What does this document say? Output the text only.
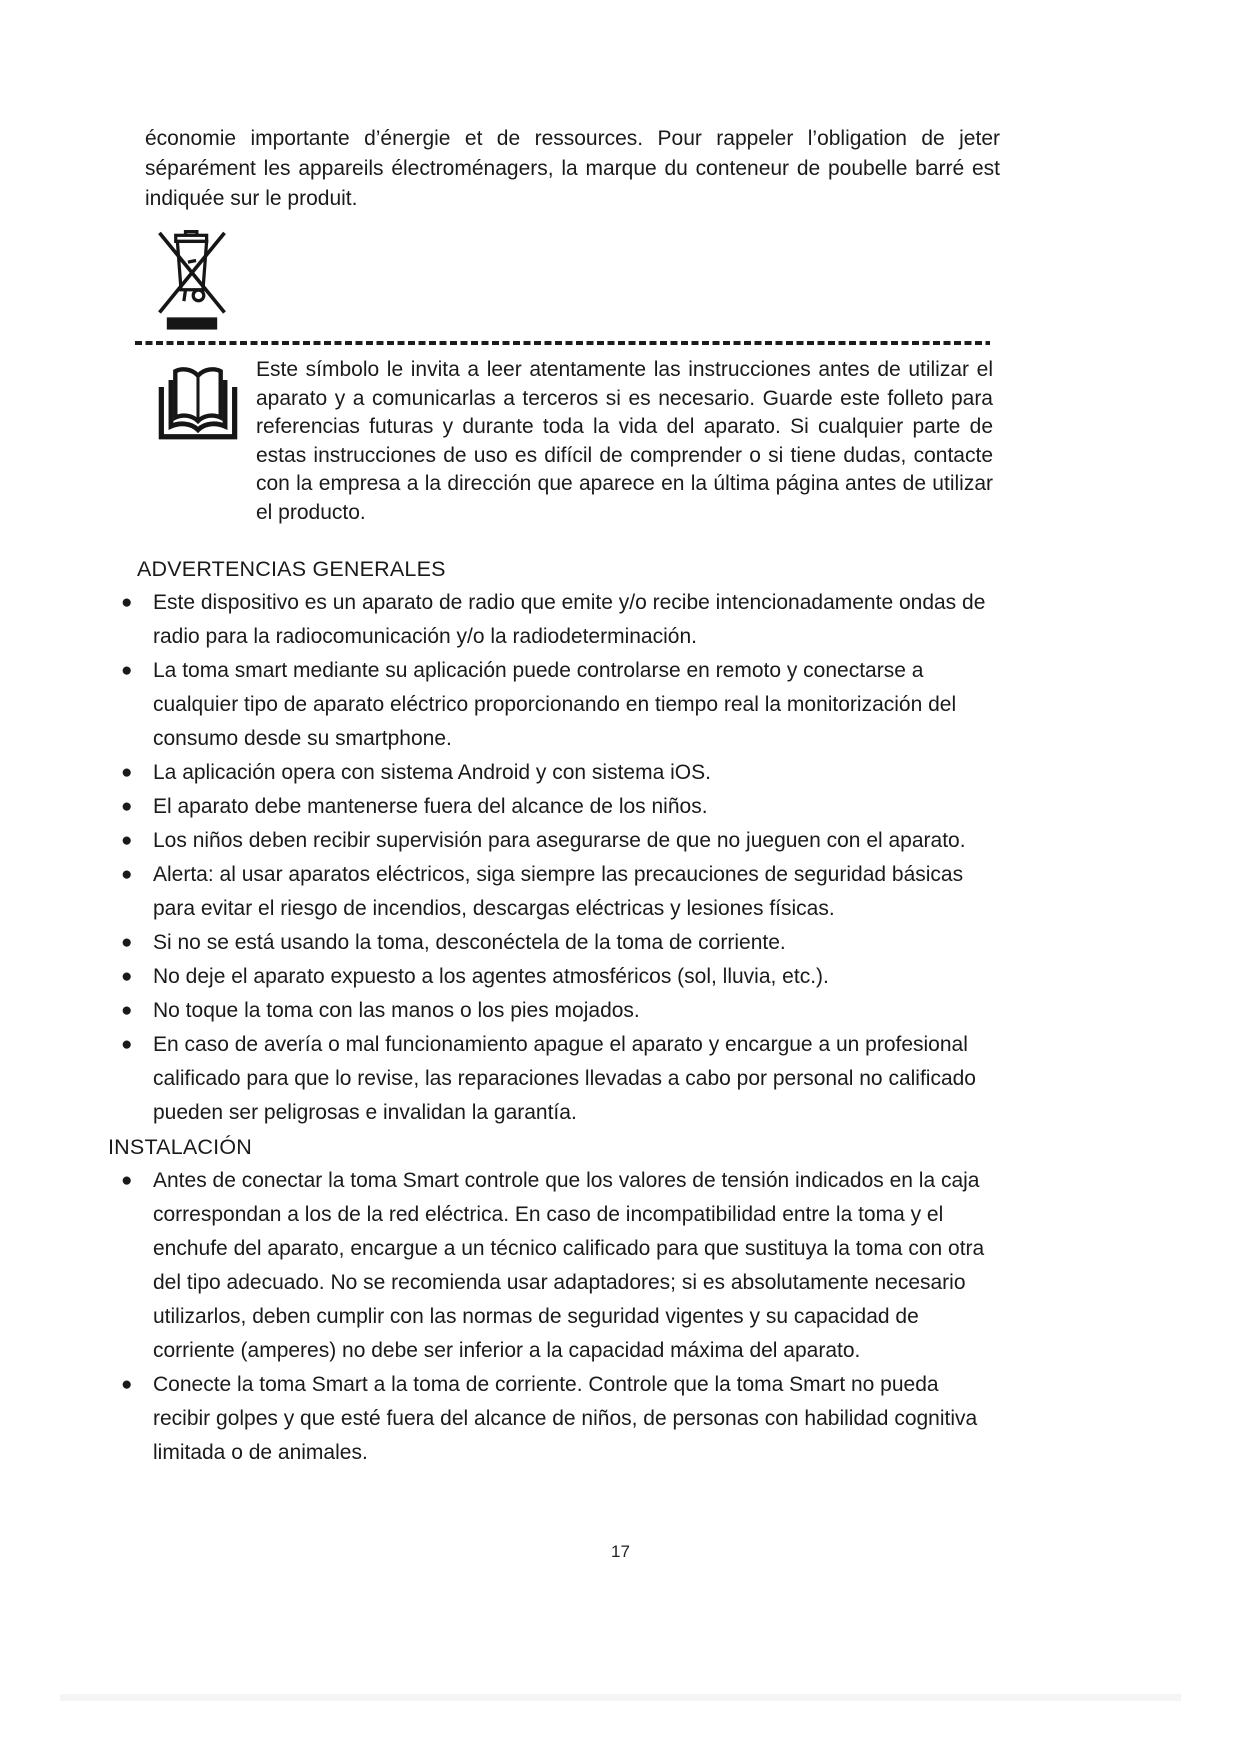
économie importante d’énergie et de ressources. Pour rappeler l’obligation de jeter séparément les appareils électroménagers, la marque du conteneur de poubelle barré est indiquée sur le produit.

Este símbolo le invita a leer atentamente las instrucciones antes de utilizar el aparato y a comunicarlas a terceros si es necesario. Guarde este folleto para referencias futuras y durante toda la vida del aparato. Si cualquier parte de estas instrucciones de uso es difícil de comprender o si tiene dudas, contacte con la empresa a la dirección que aparece en la última página antes de utilizar el producto.

ADVERTENCIAS GENERALES
● Este dispositivo es un aparato de radio que emite y/o recibe intencionadamente ondas de radio para la radiocomunicación y/o la radiodeterminación.
● La toma smart mediante su aplicación puede controlarse en remoto y conectarse a cualquier tipo de aparato eléctrico proporcionando en tiempo real la monitorización del consumo desde su smartphone.
● La aplicación opera con sistema Android y con sistema iOS.
● El aparato debe mantenerse fuera del alcance de los niños.
● Los niños deben recibir supervisión para asegurarse de que no jueguen con el aparato.
● Alerta: al usar aparatos eléctricos, siga siempre las precauciones de seguridad básicas para evitar el riesgo de incendios, descargas eléctricas y lesiones físicas.
● Si no se está usando la toma, desconéctela de la toma de corriente.
● No deje el aparato expuesto a los agentes atmosféricos (sol, lluvia, etc.).
● No toque la toma con las manos o los pies mojados.
● En caso de avería o mal funcionamiento apague el aparato y encargue a un profesional calificado para que lo revise, las reparaciones llevadas a cabo por personal no calificado pueden ser peligrosas e invalidan la garantía.
INSTALACIÓN
● Antes de conectar la toma Smart controle que los valores de tensión indicados en la caja correspondan a los de la red eléctrica. En caso de incompatibilidad entre la toma y el enchufe del aparato, encargue a un técnico calificado para que sustituya la toma con otra del tipo adecuado. No se recomienda usar adaptadores; si es absolutamente necesario utilizarlos, deben cumplir con las normas de seguridad vigentes y su capacidad de corriente (amperes) no debe ser inferior a la capacidad máxima del aparato.
● Conecte la toma Smart a la toma de corriente. Controle que la toma Smart no pueda recibir golpes y que esté fuera del alcance de niños, de personas con habilidad cognitiva limitada o de animales.
17
